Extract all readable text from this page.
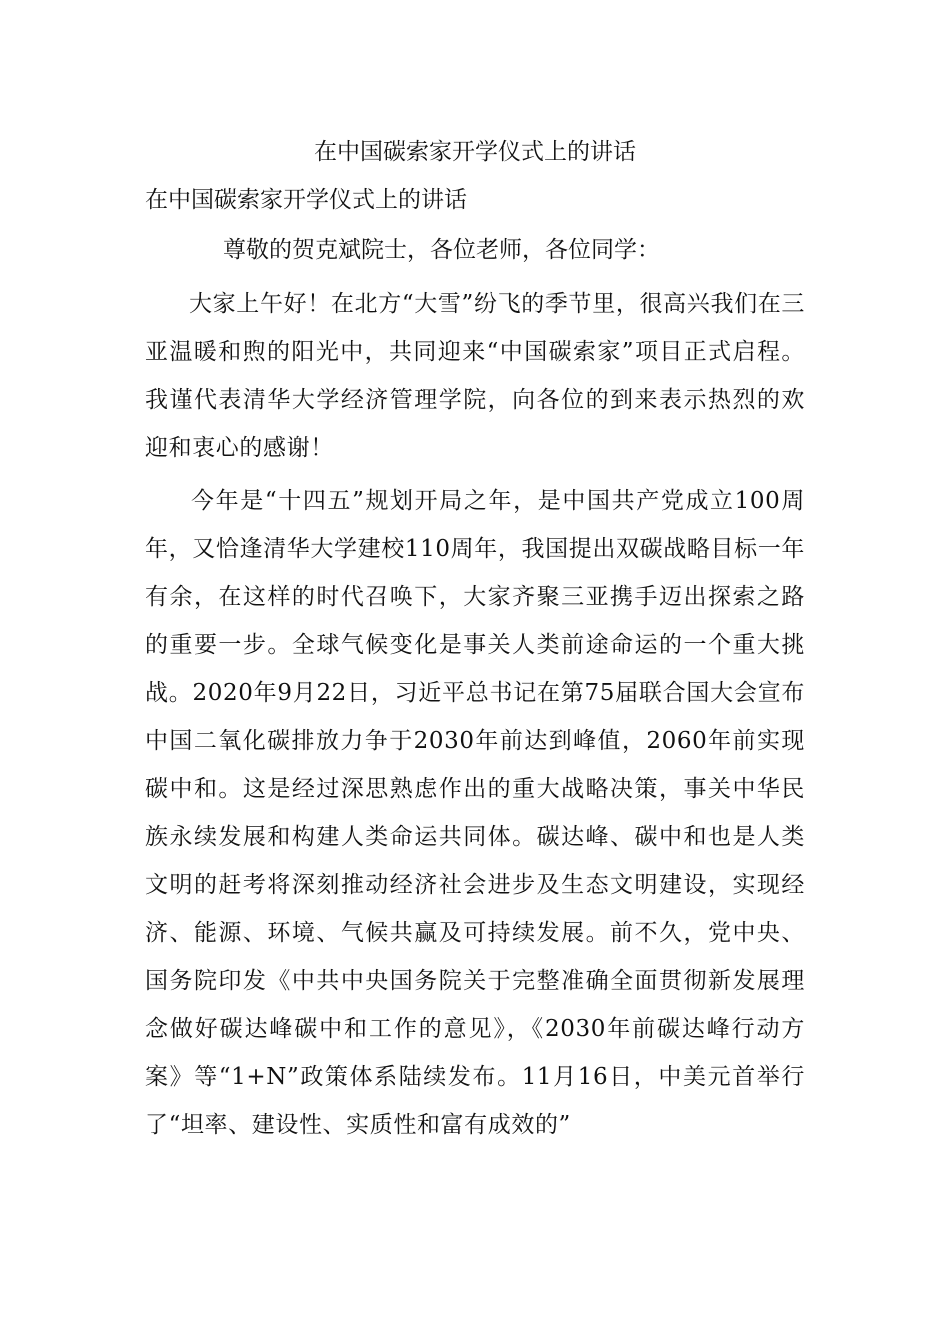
在中国碳索家开学仪式上的讲话

在中国碳索家开学仪式上的讲话

尊敬的贺克斌院士，各位老师，各位同学：

大家上午好！在北方“大雪”纷飞的季节里，很高兴我们在三亚温暖和煦的阳光中，共同迎来“中国碳索家”项目正式启程。我谨代表清华大学经济管理学院，向各位的到来表示热烈的欢迎和衷心的感谢！

今年是“十四五”规划开局之年，是中国共产党成立100周年，又恰逢清华大学建校110周年，我国提出双碳战略目标一年有余，在这样的时代召唤下，大家齐聚三亚携手迈出探索之路的重要一步。全球气候变化是事关人类前途命运的一个重大挑战。2020年9月22日，习近平总书记在第75届联合国大会宣布中国二氧化碳排放力争于2030年前达到峰值，2060年前实现碳中和。这是经过深思熟虑作出的重大战略决策，事关中华民族永续发展和构建人类命运共同体。碳达峰、碳中和也是人类文明的赶考将深刻推动经济社会进步及生态文明建设，实现经济、能源、环境、气候共赢及可持续发展。前不久，党中央、国务院印发《中共中央国务院关于完整准确全面贯彻新发展理念做好碳达峰碳中和工作的意见》，《2030年前碳达峰行动方案》等“1+N”政策体系陆续发布。11月16日，中美元首举行了“坦率、建设性、实质性和富有成效的”
